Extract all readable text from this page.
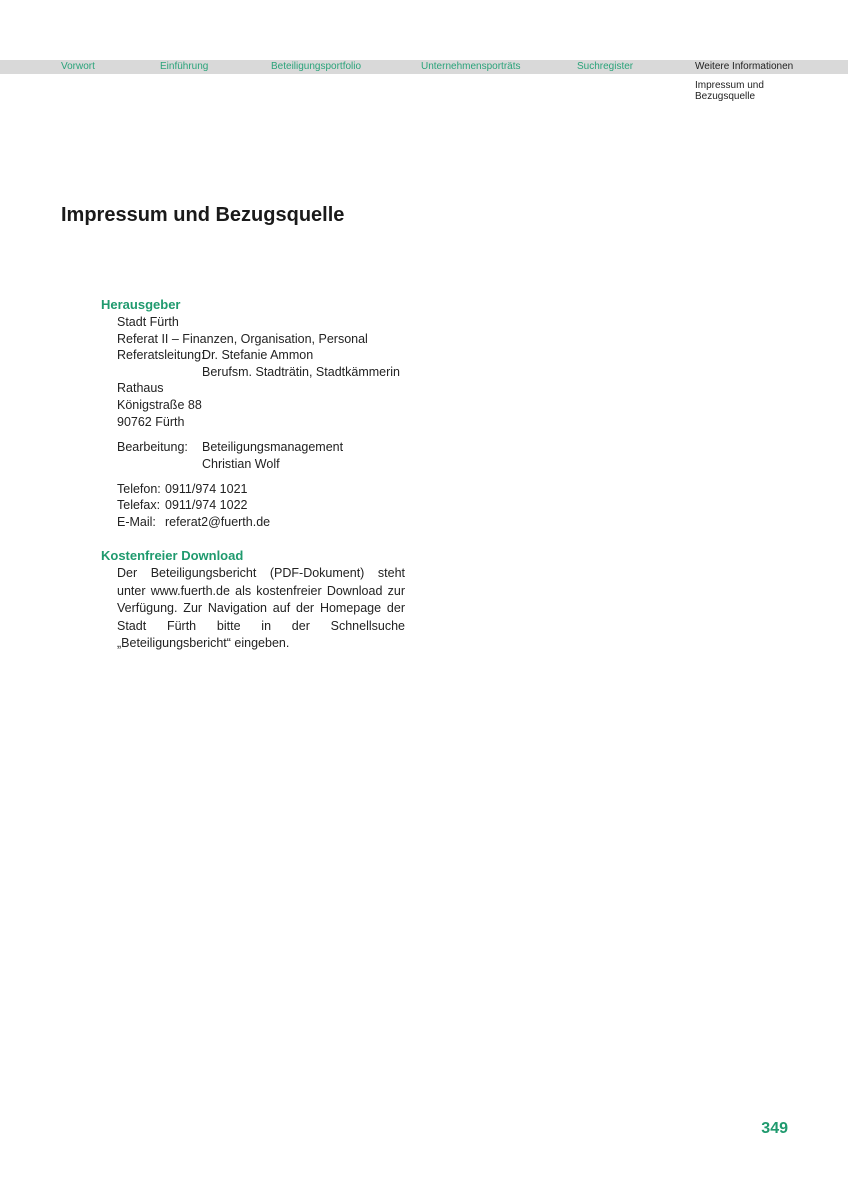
Vorwort	Einführung	Beteiligungsportfolio	Unternehmensporträts	Suchregister	Weitere Informationen
Impressum und Bezugsquelle
Impressum und Bezugsquelle
Herausgeber
Stadt Fürth
Referat II – Finanzen, Organisation, Personal
Referatsleitung:
Dr. Stefanie Ammon
Berufsm. Stadträtin, Stadtkämmerin
Rathaus
Königstraße 88
90762 Fürth
Bearbeitung: Beteiligungsmanagement
Christian Wolf
Telefon: 0911/974 1021
Telefax: 0911/974 1022
E-Mail: referat2@fuerth.de
Kostenfreier Download

Der Beteiligungsbericht (PDF-Dokument) steht unter www.fuerth.de als kostenfreier Download zur Verfügung. Zur Navigation auf der Homepage der Stadt Fürth bitte in der Schnellsuche „Beteiligungsbericht“ eingeben.

349
